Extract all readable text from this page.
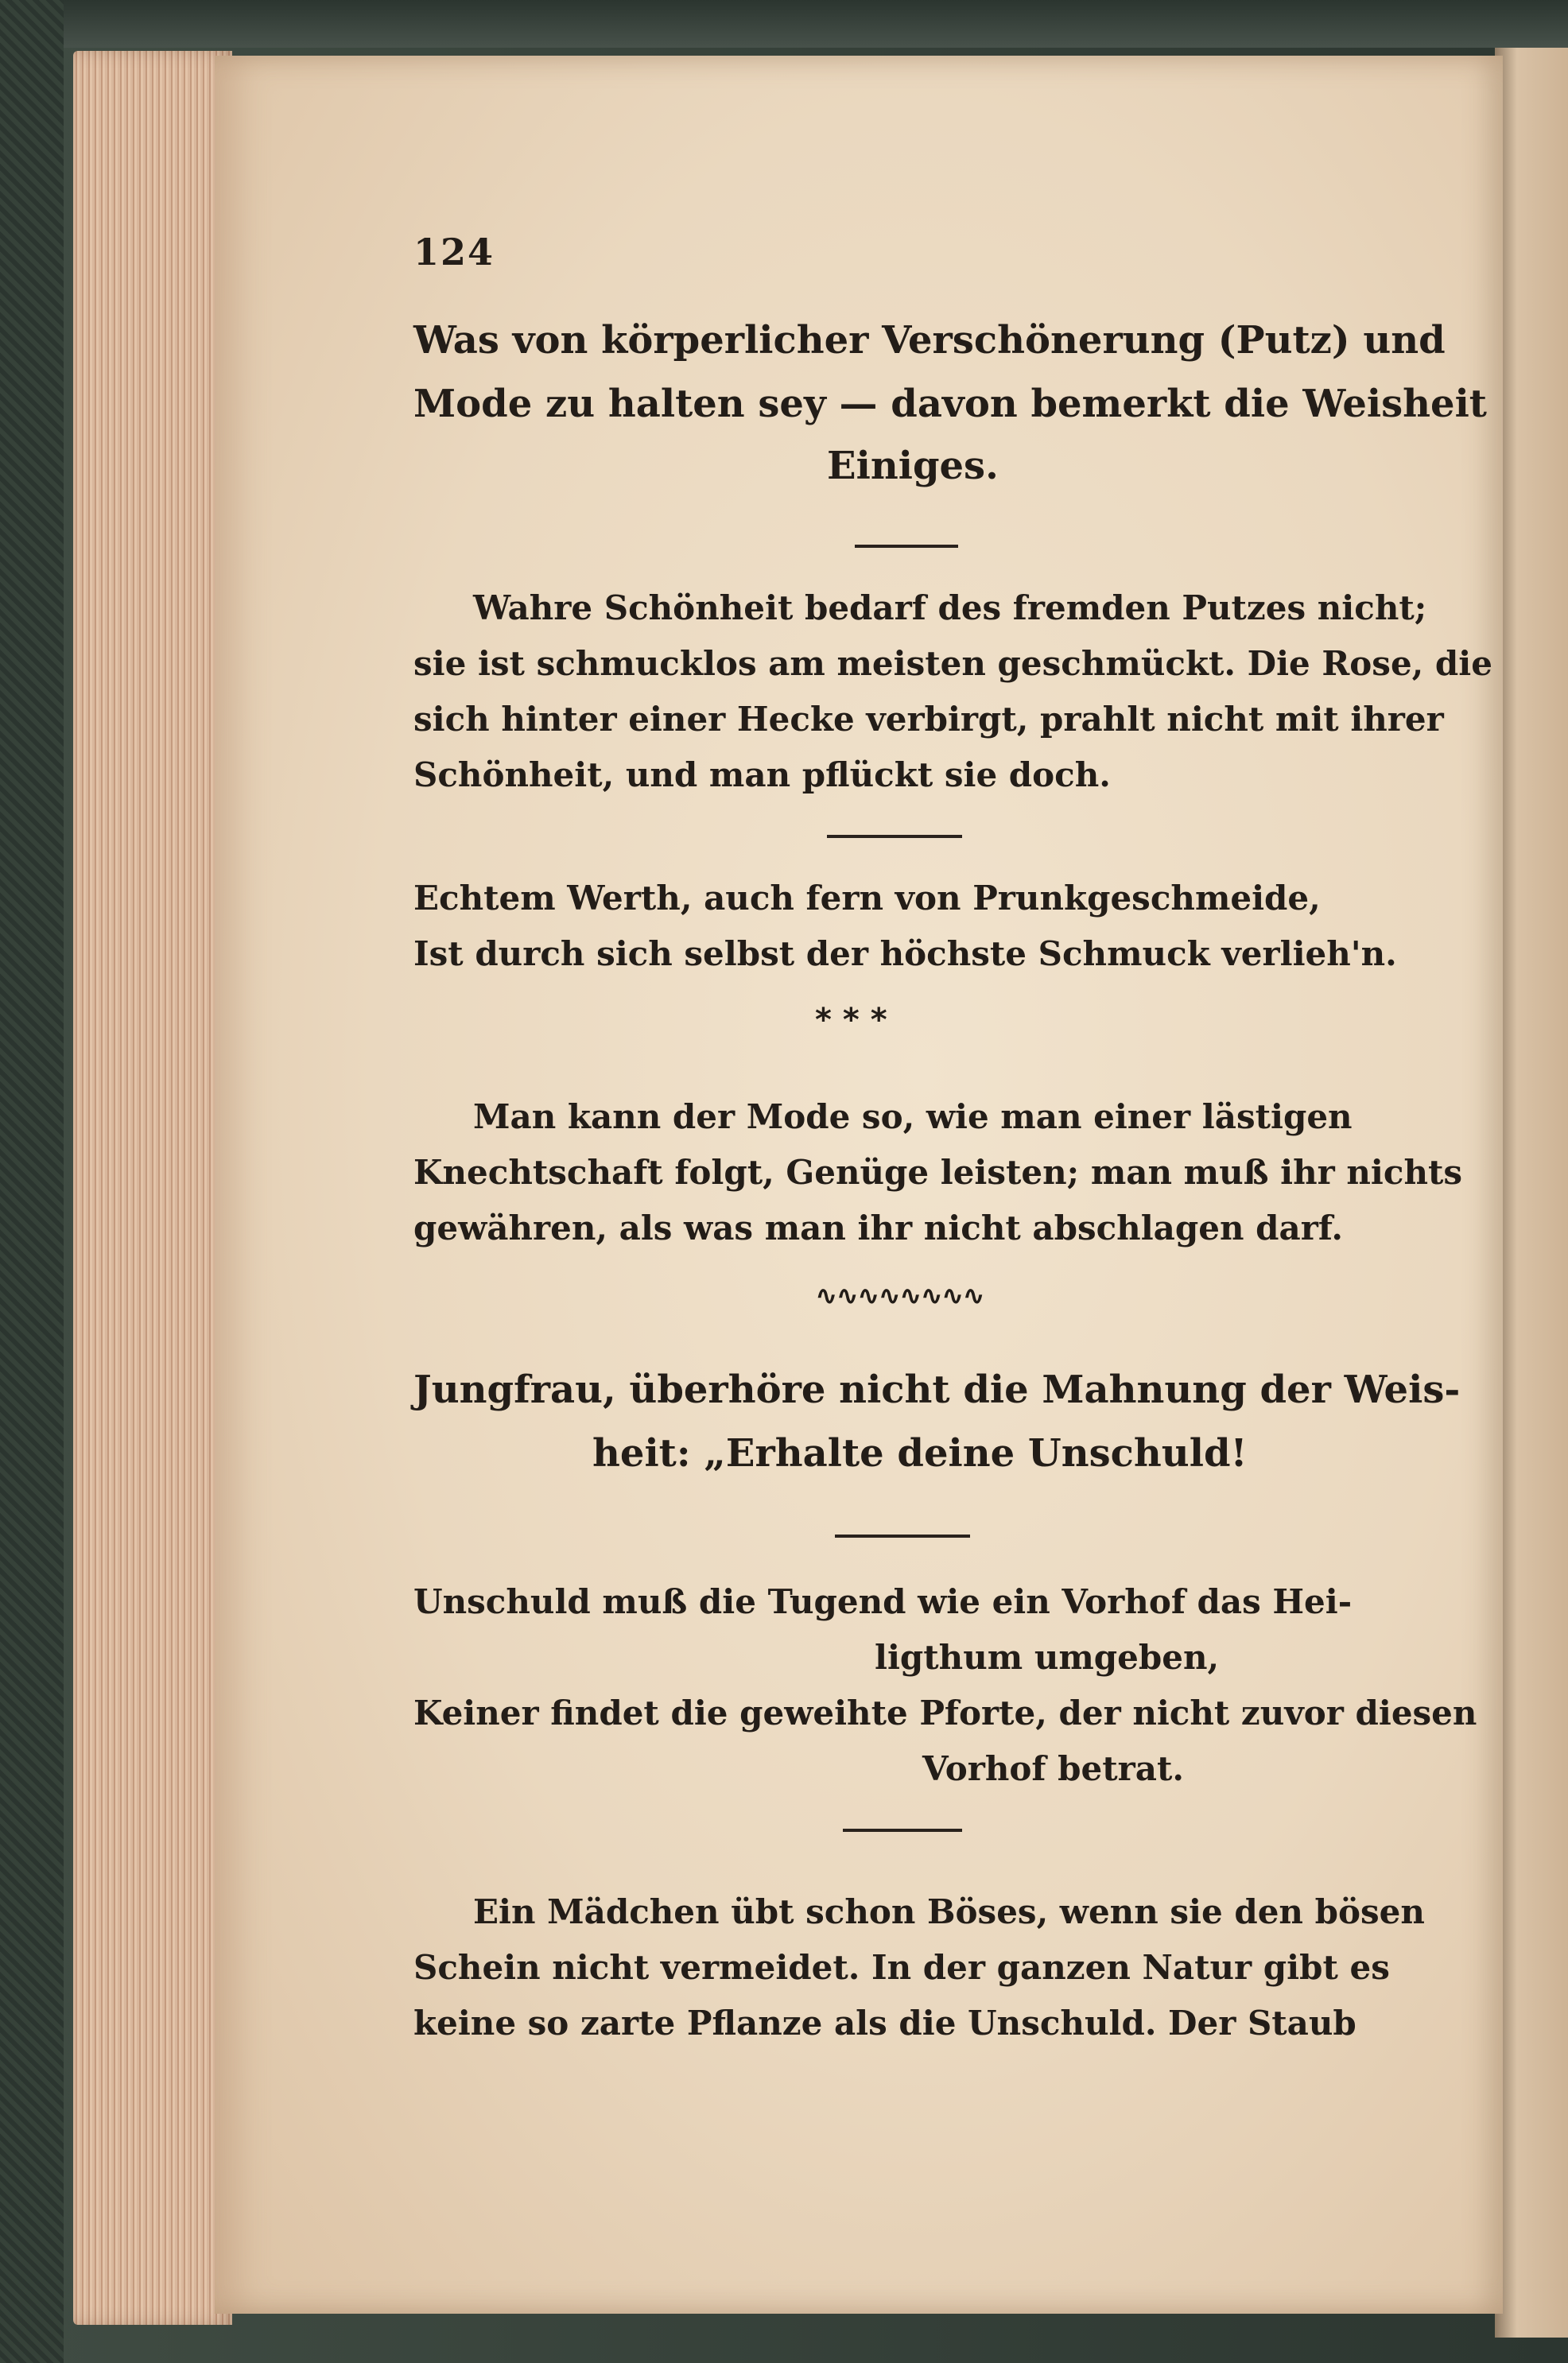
124

Was von körperlicher Verschönerung (Putz) und

Mode zu halten sey — davon bemerkt die Weisheit

Einiges.

Wahre Schönheit bedarf des fremden Putzes nicht;

sie ist schmucklos am meisten geschmückt. Die Rose, die

sich hinter einer Hecke verbirgt, prahlt nicht mit ihrer

Schönheit, und man pflückt sie doch.

Echtem Werth, auch fern von Prunkgeschmeide,

Ist durch sich selbst der höchste Schmuck verlieh'n.

* * *

Man kann der Mode so, wie man einer lästigen

Knechtschaft folgt, Genüge leisten; man muß ihr nichts

gewähren, als was man ihr nicht abschlagen darf.

∿∿∿∿∿∿∿∿

Jungfrau, überhöre nicht die Mahnung der Weis-

heit: „Erhalte deine Unschuld!

Unschuld muß die Tugend wie ein Vorhof das Hei-

ligthum umgeben,

Keiner findet die geweihte Pforte, der nicht zuvor diesen

Vorhof betrat.

Ein Mädchen übt schon Böses, wenn sie den bösen

Schein nicht vermeidet. In der ganzen Natur gibt es

keine so zarte Pflanze als die Unschuld. Der Staub
